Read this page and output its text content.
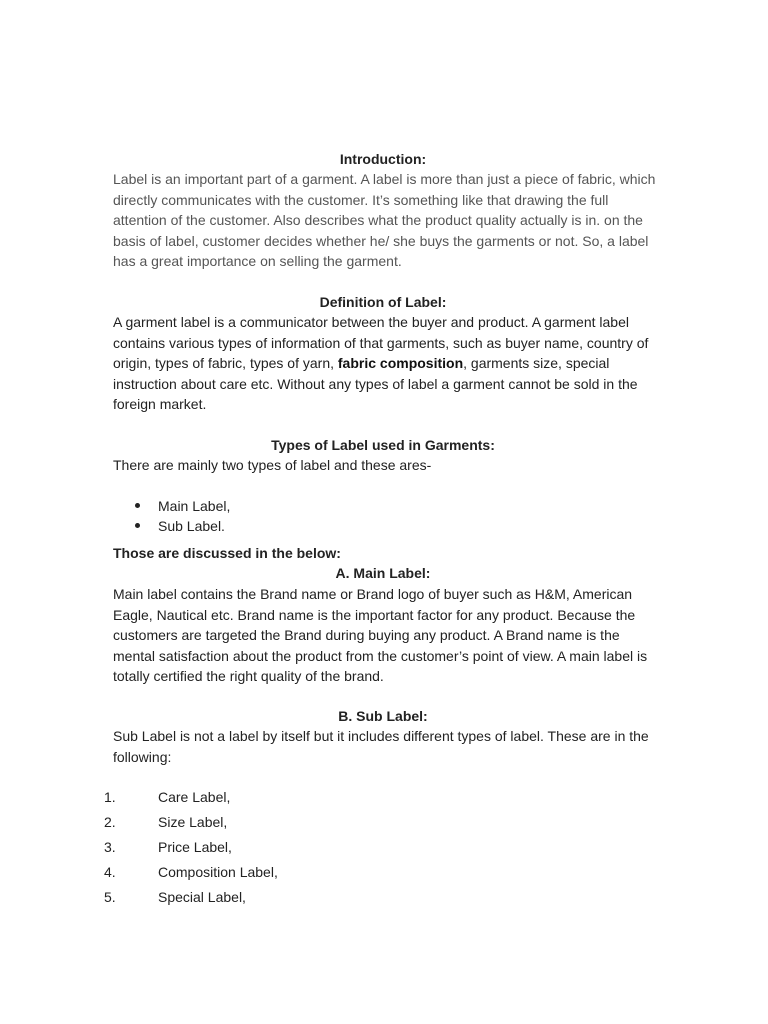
Introduction:
Label is an important part of a garment. A label is more than just a piece of fabric, which directly communicates with the customer. It’s something like that drawing the full attention of the customer. Also describes what the product quality actually is in. on the basis of label, customer decides whether he/ she buys the garments or not. So, a label has a great importance on selling the garment.
Definition of Label:
A garment label is a communicator between the buyer and product. A garment label contains various types of information of that garments, such as buyer name, country of origin, types of fabric, types of yarn, fabric composition, garments size, special instruction about care etc. Without any types of label a garment cannot be sold in the foreign market.
Types of Label used in Garments:
There are mainly two types of label and these ares-
Main Label,
Sub Label.
Those are discussed in the below:
A. Main Label:
Main label contains the Brand name or Brand logo of buyer such as H&M, American Eagle, Nautical etc. Brand name is the important factor for any product. Because the customers are targeted the Brand during buying any product. A Brand name is the mental satisfaction about the product from the customer’s point of view. A main label is totally certified the right quality of the brand.
B. Sub Label:
Sub Label is not a label by itself but it includes different types of label. These are in the following:
1.	Care Label,
2.	Size Label,
3.	Price Label,
4.	Composition Label,
5.	Special Label,
